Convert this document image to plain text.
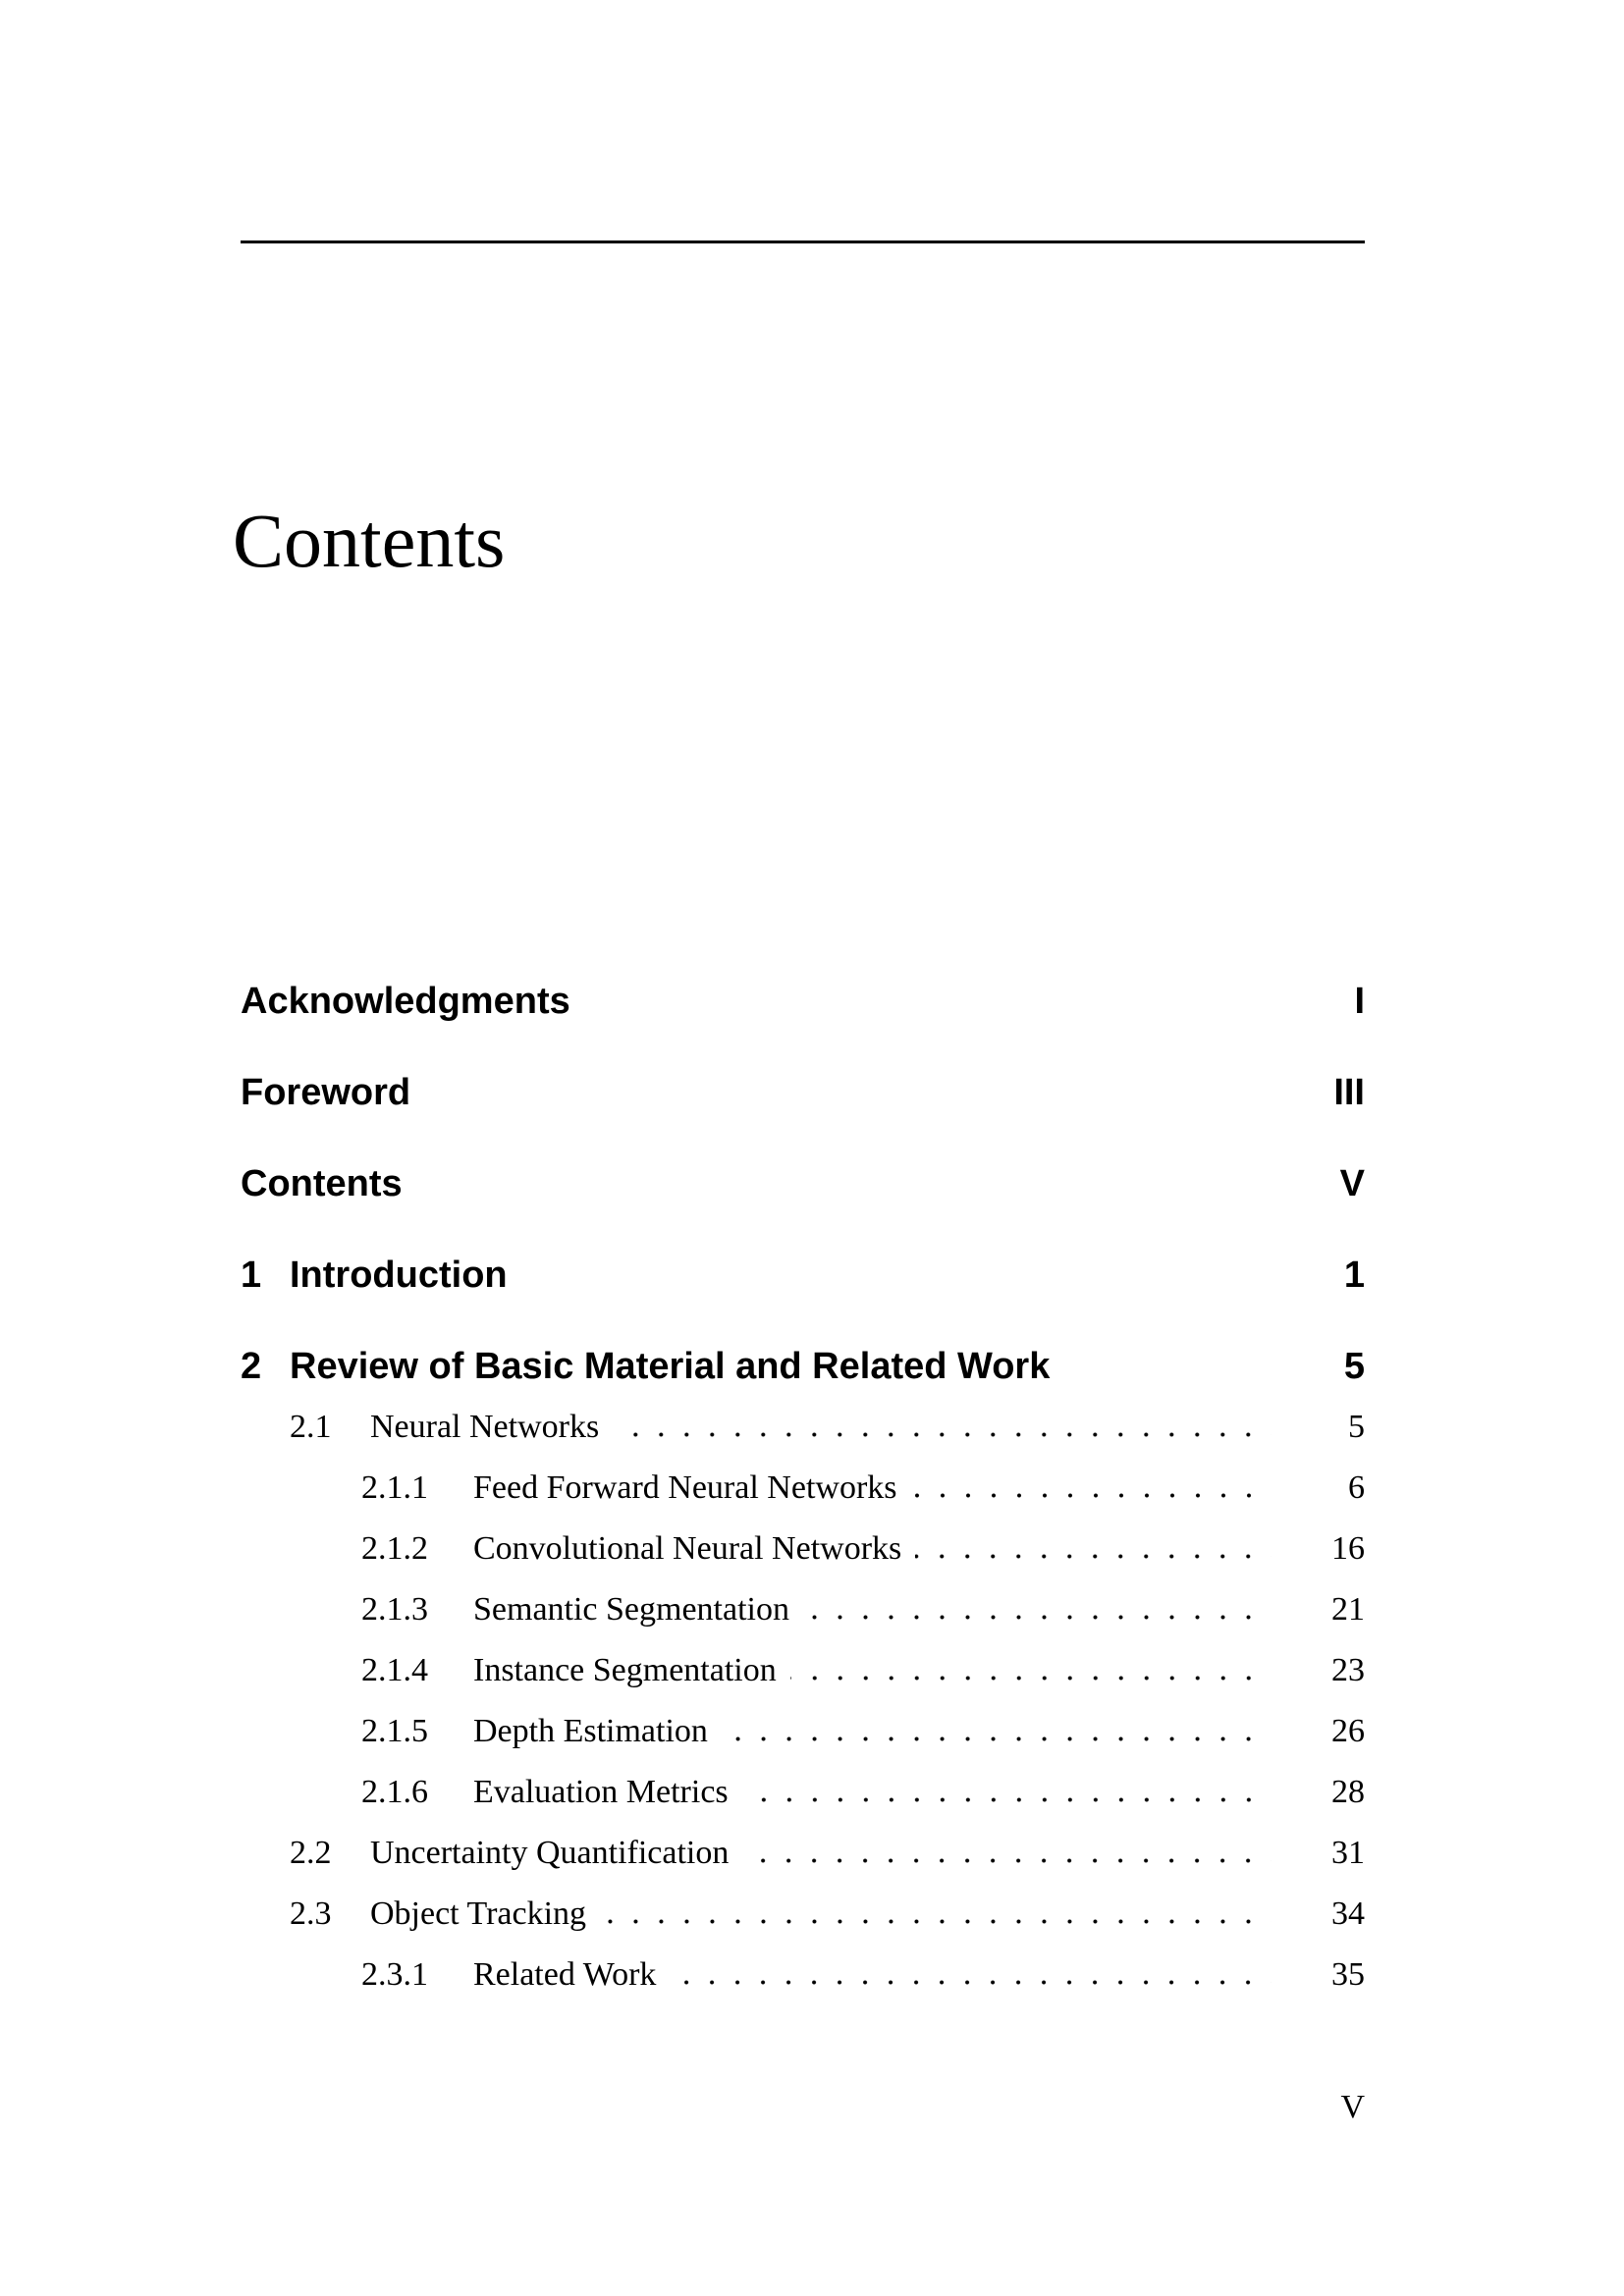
Contents
Acknowledgments	I
Foreword	III
Contents	V
1 Introduction	1
2 Review of Basic Material and Related Work	5
2.1	Neural Networks	5
2.1.1	Feed Forward Neural Networks	6
2.1.2	Convolutional Neural Networks	16
2.1.3	Semantic Segmentation	21
2.1.4	Instance Segmentation	23
2.1.5	Depth Estimation	26
2.1.6	Evaluation Metrics	28
2.2	Uncertainty Quantification	31
2.3	Object Tracking	34
2.3.1	Related Work	35
V
